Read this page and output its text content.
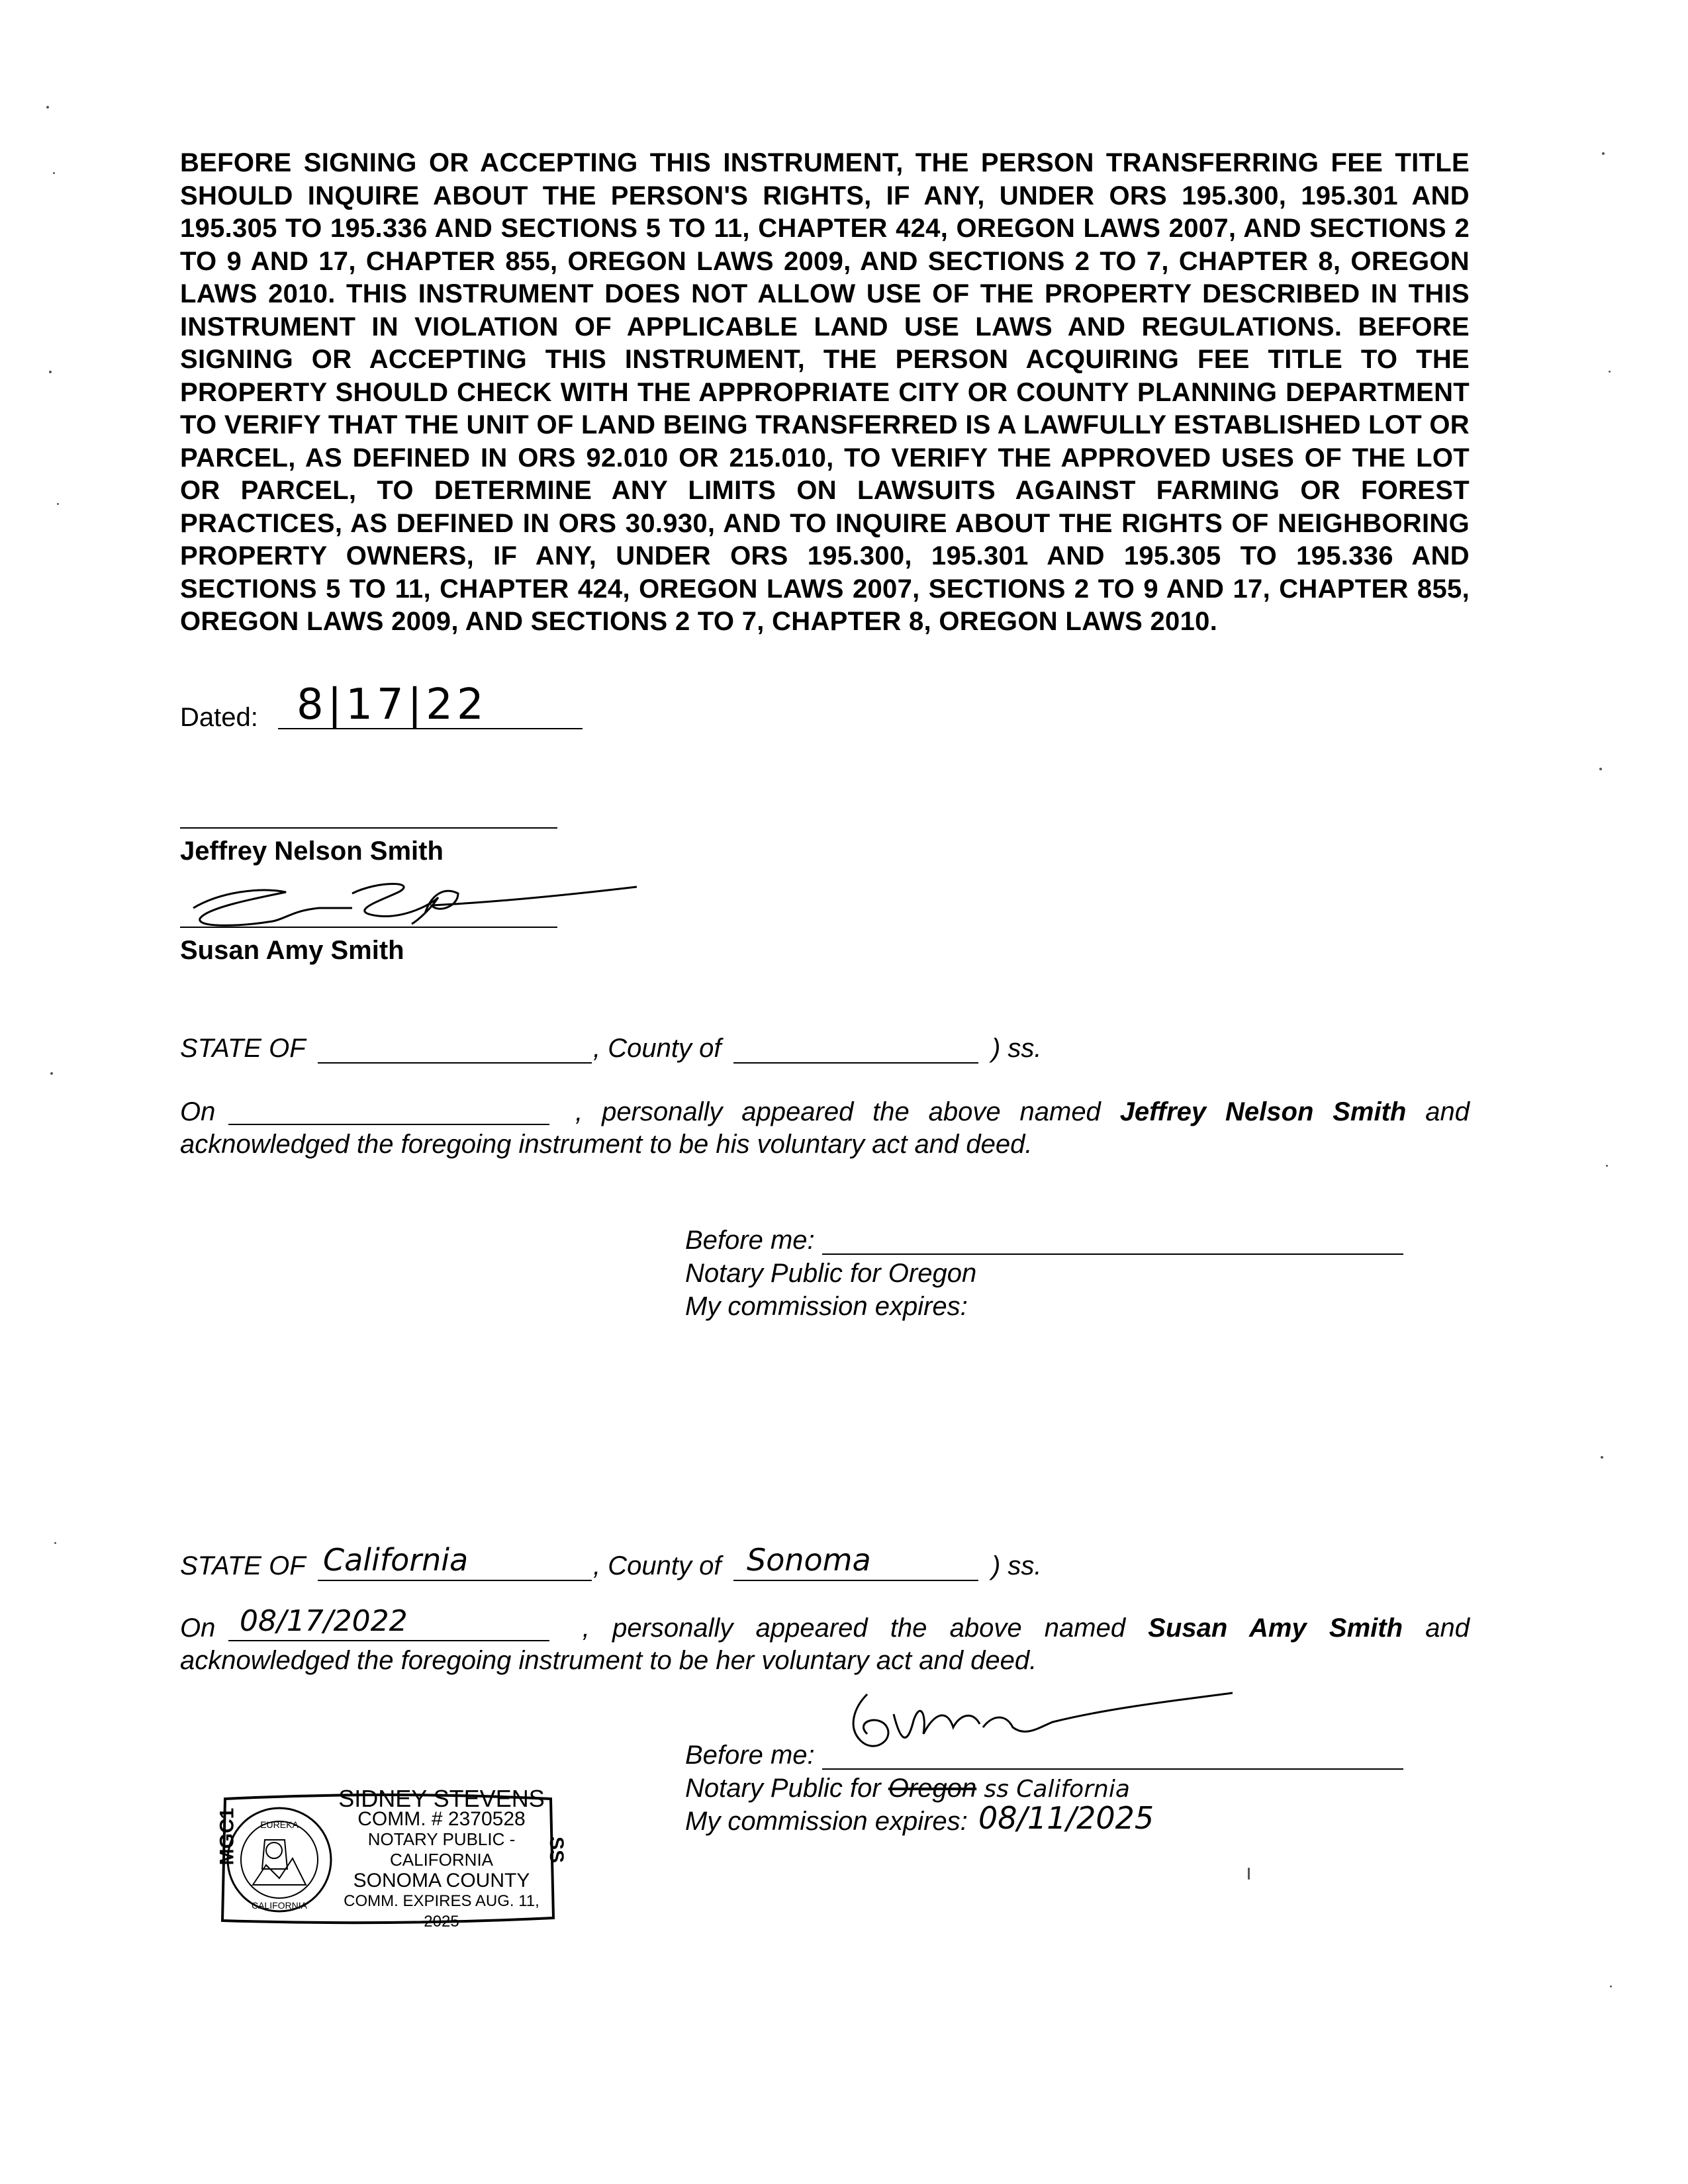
BEFORE SIGNING OR ACCEPTING THIS INSTRUMENT, THE PERSON TRANSFERRING FEE TITLE SHOULD INQUIRE ABOUT THE PERSON'S RIGHTS, IF ANY, UNDER ORS 195.300, 195.301 AND 195.305 TO 195.336 AND SECTIONS 5 TO 11, CHAPTER 424, OREGON LAWS 2007, AND SECTIONS 2 TO 9 AND 17, CHAPTER 855, OREGON LAWS 2009, AND SECTIONS 2 TO 7, CHAPTER 8, OREGON LAWS 2010. THIS INSTRUMENT DOES NOT ALLOW USE OF THE PROPERTY DESCRIBED IN THIS INSTRUMENT IN VIOLATION OF APPLICABLE LAND USE LAWS AND REGULATIONS. BEFORE SIGNING OR ACCEPTING THIS INSTRUMENT, THE PERSON ACQUIRING FEE TITLE TO THE PROPERTY SHOULD CHECK WITH THE APPROPRIATE CITY OR COUNTY PLANNING DEPARTMENT TO VERIFY THAT THE UNIT OF LAND BEING TRANSFERRED IS A LAWFULLY ESTABLISHED LOT OR PARCEL, AS DEFINED IN ORS 92.010 OR 215.010, TO VERIFY THE APPROVED USES OF THE LOT OR PARCEL, TO DETERMINE ANY LIMITS ON LAWSUITS AGAINST FARMING OR FOREST PRACTICES, AS DEFINED IN ORS 30.930, AND TO INQUIRE ABOUT THE RIGHTS OF NEIGHBORING PROPERTY OWNERS, IF ANY, UNDER ORS 195.300, 195.301 AND 195.305 TO 195.336 AND SECTIONS 5 TO 11, CHAPTER 424, OREGON LAWS 2007, SECTIONS 2 TO 9 AND 17, CHAPTER 855, OREGON LAWS 2009, AND SECTIONS 2 TO 7, CHAPTER 8, OREGON LAWS 2010.
Dated: 8|17|22
Jeffrey Nelson Smith
Susan Amy Smith
STATE OF	, County of	) ss.
On	, personally appeared the above named Jeffrey Nelson Smith and acknowledged the foregoing instrument to be his voluntary act and deed.
Before me:
Notary Public for Oregon
My commission expires:
STATE OF California	, County of Sonoma	) ss.
On	, personally appeared the above named Susan Amy Smith and acknowledged the foregoing instrument to be her voluntary act and deed.
08/17/2022
Before me:
Notary Public for Oregon ss California
My commission expires: 08/11/2025
EUREKA
CALIFORNIA
MGC1	SS
SIDNEY STEVENS
COMM. # 2370528
NOTARY PUBLIC - CALIFORNIA
SONOMA COUNTY
COMM. EXPIRES AUG. 11, 2025
